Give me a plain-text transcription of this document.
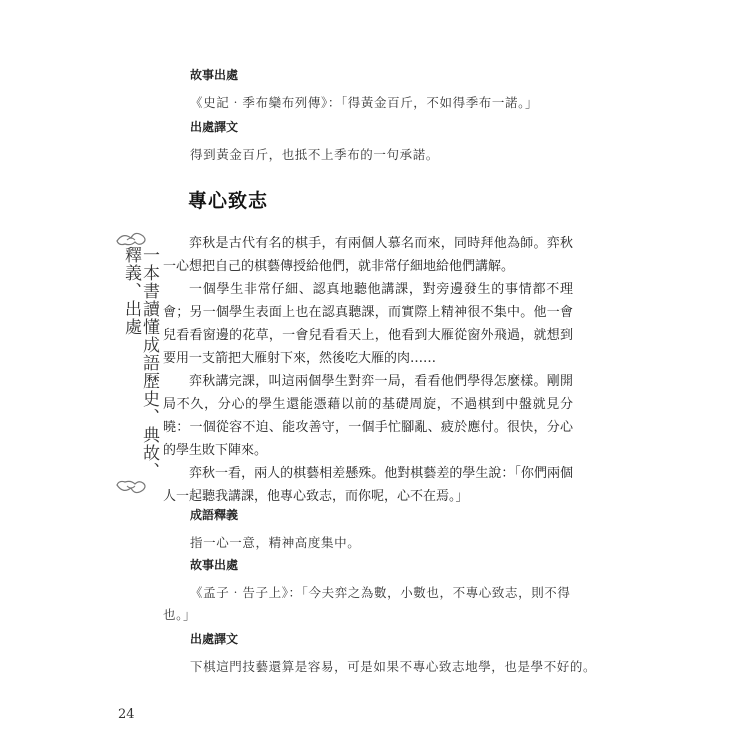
故事出處

《史記‧季布欒布列傳》：「得黃金百斤，不如得季布一諾。」

出處譯文

得到黃金百斤，也抵不上季布的一句承諾。

專心致志

弈秋是古代有名的棋手，有兩個人慕名而來，同時拜他為師。弈秋一心想把自己的棋藝傳授給他們，就非常仔細地給他們講解。

一個學生非常仔細、認真地聽他講課，對旁邊發生的事情都不理會；另一個學生表面上也在認真聽課，而實際上精神很不集中。他一會兒看看窗邊的花草，一會兒看看天上，他看到大雁從窗外飛過，就想到要用一支箭把大雁射下來，然後吃大雁的肉……

弈秋講完課，叫這兩個學生對弈一局，看看他們學得怎麼樣。剛開局不久，分心的學生還能憑藉以前的基礎周旋，不過棋到中盤就見分曉：一個從容不迫、能攻善守，一個手忙腳亂、疲於應付。很快，分心的學生敗下陣來。

弈秋一看，兩人的棋藝相差懸殊。他對棋藝差的學生說：「你們兩個人一起聽我講課，他專心致志，而你呢，心不在焉。」

成語釋義

指一心一意，精神高度集中。

故事出處

《孟子‧告子上》：「今夫弈之為數，小數也，不專心致志，則不得

也。」

出處譯文

下棋這門技藝還算是容易，可是如果不專心致志地學，也是學不好的。

一本書讀懂成語歷史、典故、釋義、出處
24
